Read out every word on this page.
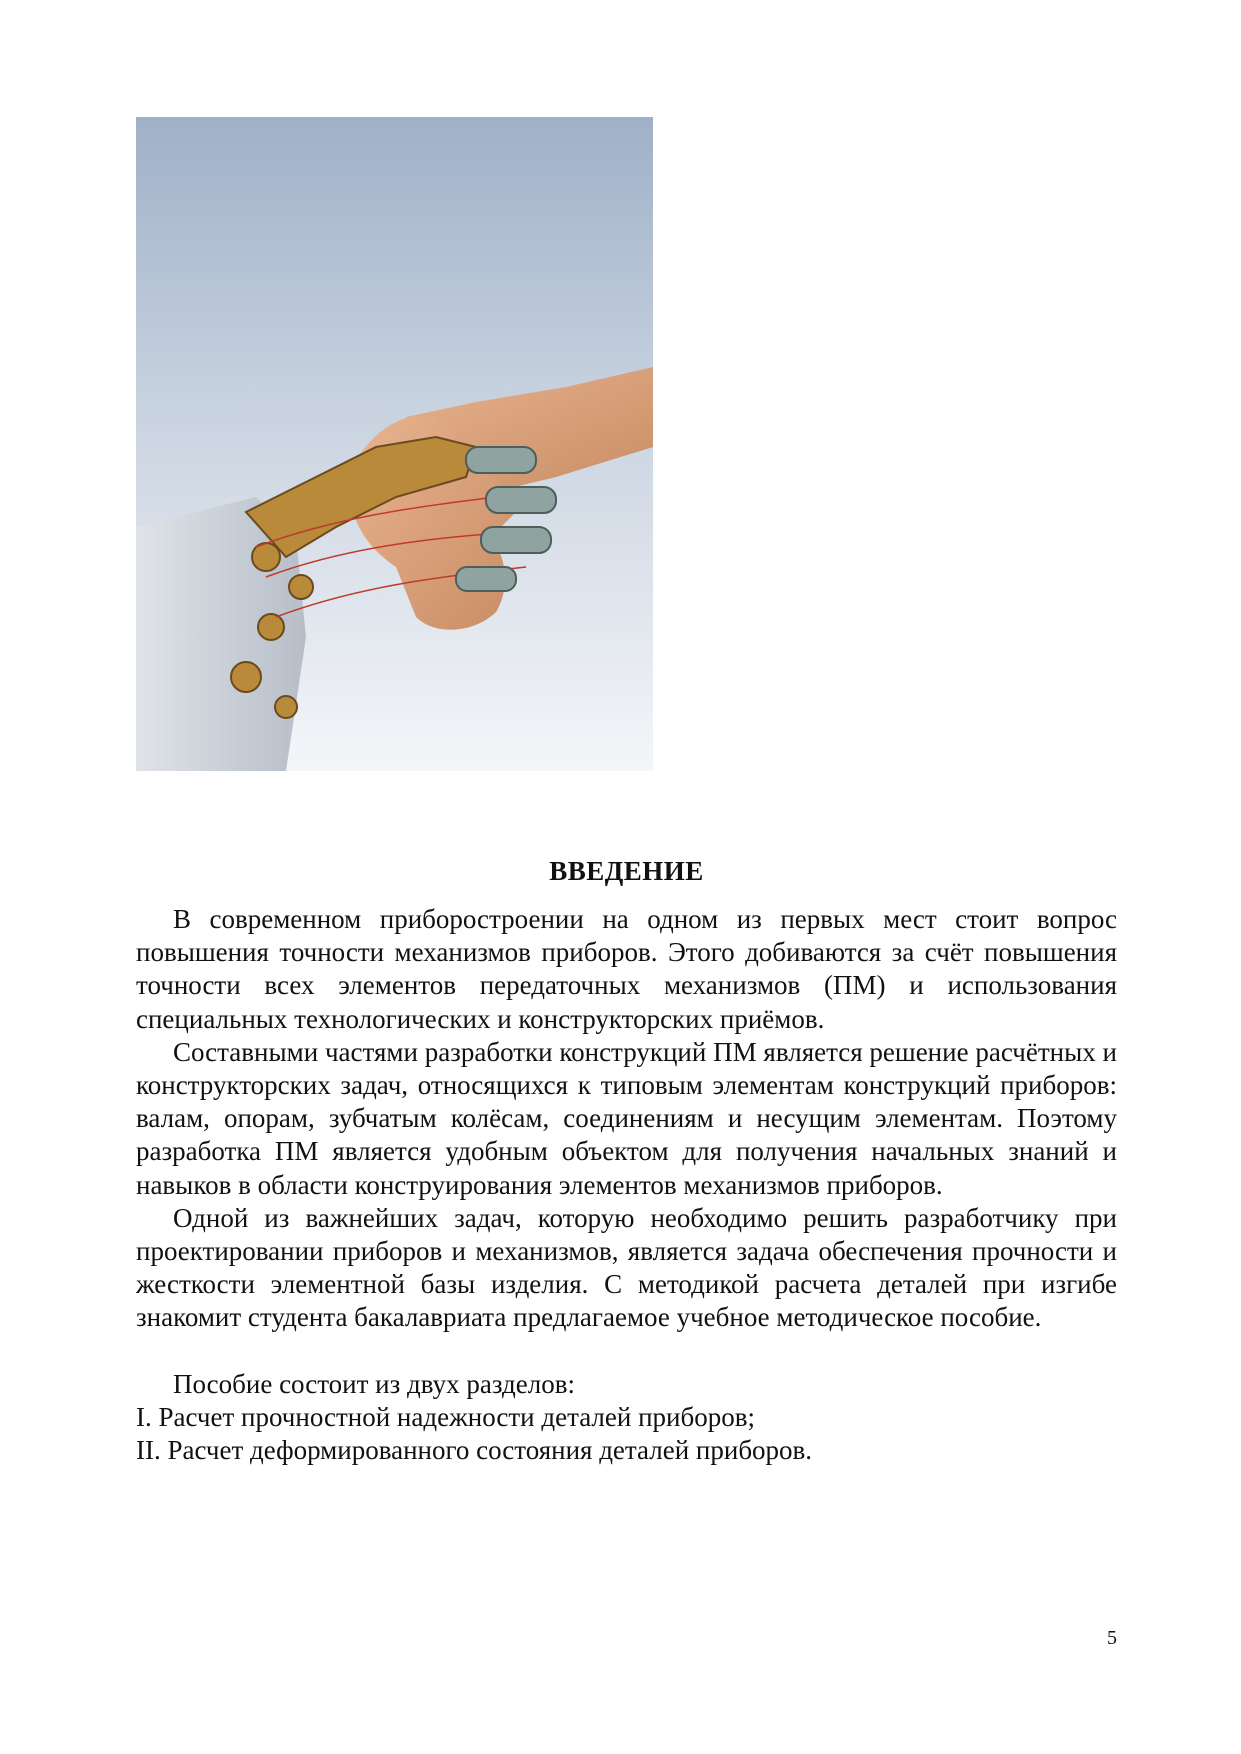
ВВЕДЕНИЕ

В современном приборостроении на одном из первых мест стоит вопрос повышения точности механизмов приборов. Этого добиваются за счёт повышения точности всех элементов передаточных механизмов (ПМ) и использования специальных технологических и конструкторских приёмов.

Составными частями разработки конструкций ПМ является решение расчётных и конструкторских задач, относящихся к типовым элементам конструкций приборов: валам, опорам, зубчатым колёсам, соединениям и несущим элементам. Поэтому разработка ПМ является удобным объектом для получения начальных знаний и навыков в области конструирования элементов механизмов приборов.

Одной из важнейших задач, которую необходимо решить разработчику при проектировании приборов и механизмов, является задача обеспечения прочности и жесткости элементной базы изделия. С методикой расчета деталей при изгибе знакомит студента бакалавриата предлагаемое учебное методическое пособие.

Пособие состоит из двух разделов:

I. Расчет прочностной надежности деталей приборов;

II. Расчет деформированного состояния деталей приборов.

5
